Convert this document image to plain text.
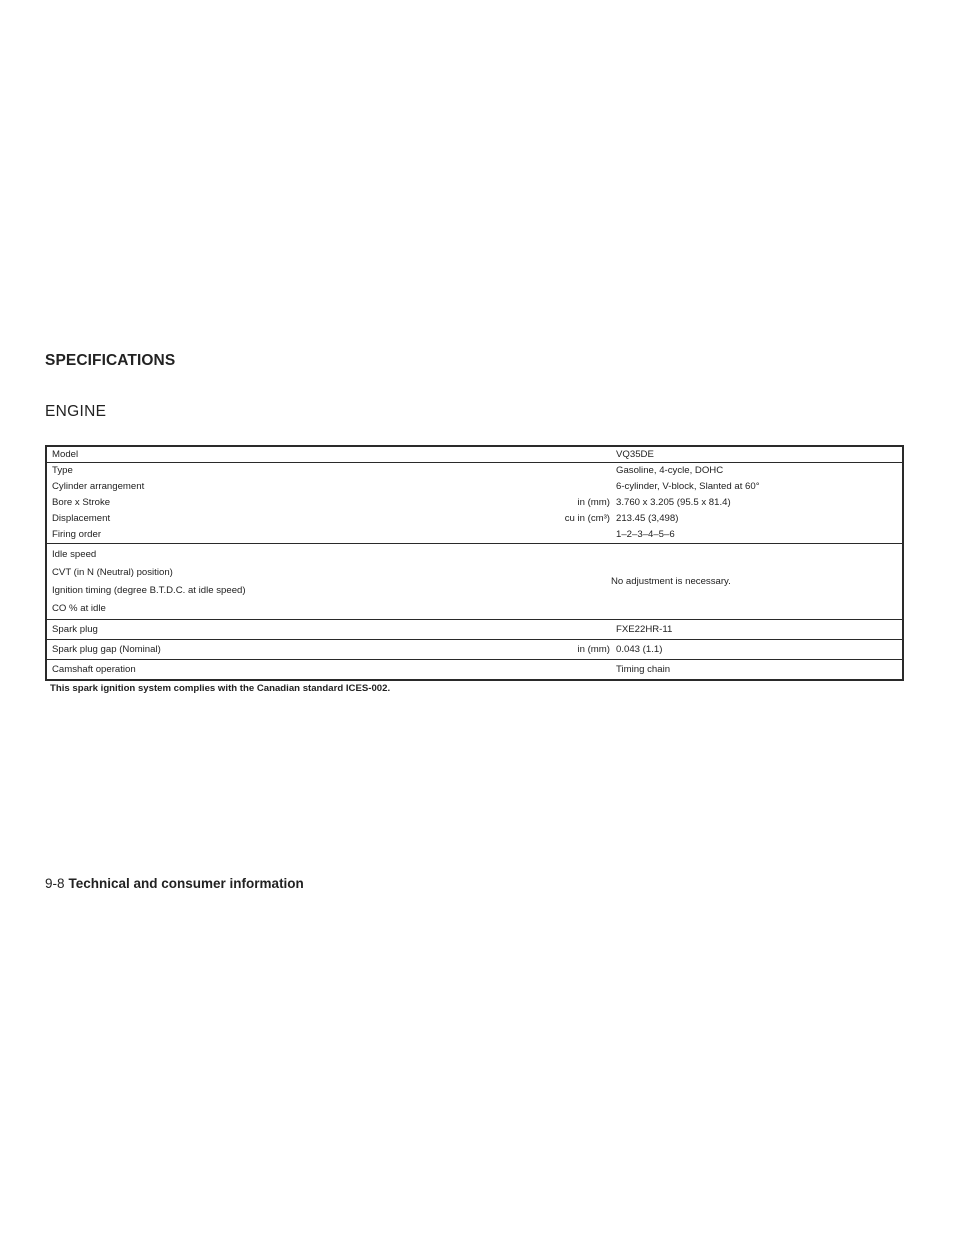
SPECIFICATIONS
ENGINE
Model	VQ35DE
Type	Gasoline, 4-cycle, DOHC
Cylinder arrangement	6-cylinder, V-block, Slanted at 60°
Bore x Stroke	in (mm) 3.760 x 3.205 (95.5 x 81.4)
Displacement	cu in (cm³) 213.45 (3,498)
Firing order	1–2–3–4–5–6
Idle speed
CVT (in N (Neutral) position)
Ignition timing (degree B.T.D.C. at idle speed)
CO % at idle
No adjustment is necessary.
Spark plug	FXE22HR-11
Spark plug gap (Nominal)	in (mm) 0.043 (1.1)
Camshaft operation	Timing chain

This spark ignition system complies with the Canadian standard ICES-002.

9-8 Technical and consumer information
